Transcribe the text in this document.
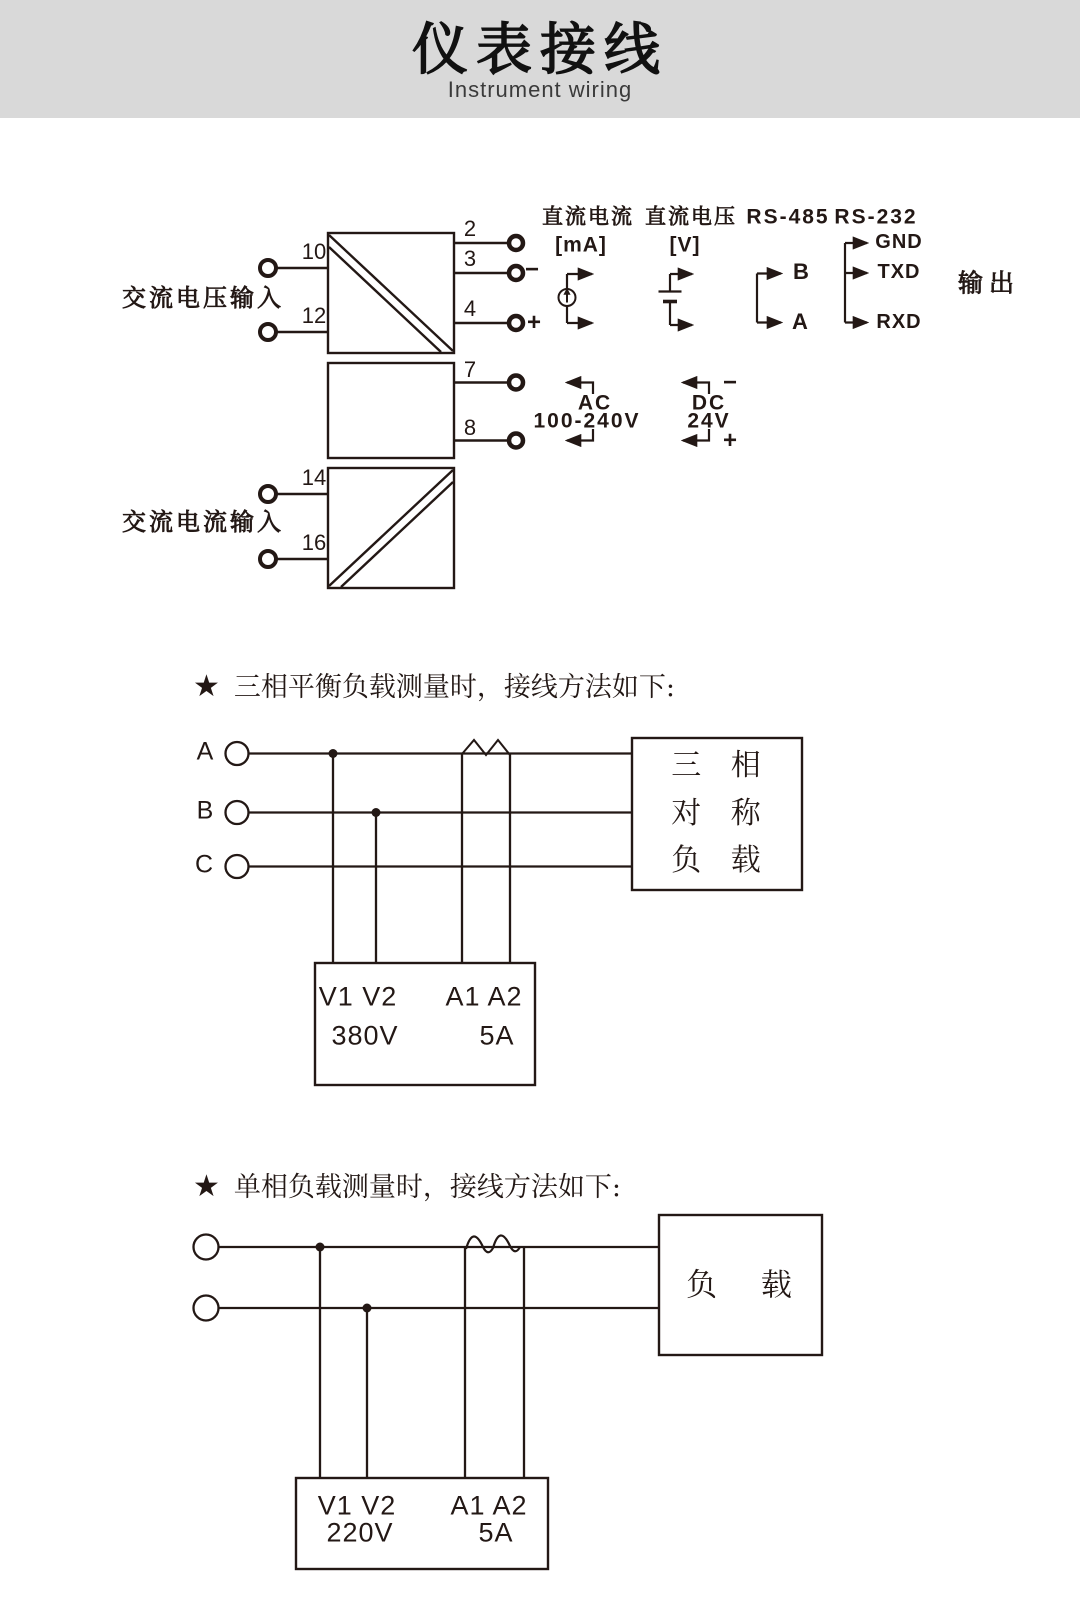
仪表接线
Instrument wiring
交流电压输入
交流电流输入
10
12
14
16
2
3
4
7
8
−
+
直流电流
[mA]
直流电压
[V]
RS-485 RS-232
B
A
GND
TXD
RXD
输出
AC
100-240V
DC
24V
−
+
★ 三相平衡负载测量时，接线方法如下:
A
B
C
三 相
对 称
负 载
V1 V2 A1 A2
380V	5A
★ 单相负载测量时，接线方法如下:
负 载
V1 V2 A1 A2
220V	5A
